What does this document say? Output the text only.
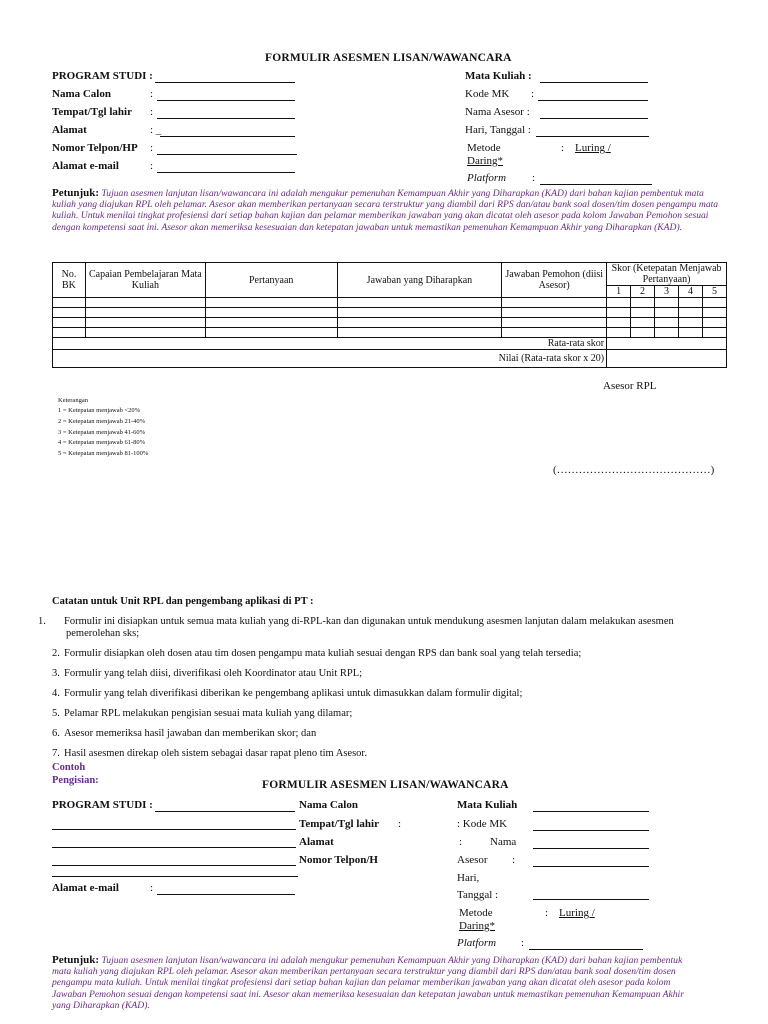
FORMULIR ASESMEN LISAN/WAWANCARA
PROGRAM STUDI :
Nama Calon	:
Tempat/Tgl lahir :
Alamat	: _
Nomor Telpon/HP :
Alamat e-mail	:
Mata Kuliah :
Kode MK :
Nama Asesor :
Hari, Tanggal :
Metode	: Luring /
Daring*
Platform :
Petunjuk: Tujuan asesmen lanjutan lisan/wawancara ini adalah mengukur pemenuhan Kemampuan Akhir yang Diharapkan (KAD) dari bahan kajian pembentuk mata kuliah yang diajukan RPL oleh pelamar. Asesor akan memberikan pertanyaan secara terstruktur yang diambil dari RPS dan/atau bank soal dosen/tim dosen pengampu mata kuliah. Untuk menilai tingkat profesiensi dari setiap bahan kajian dan pelamar memberikan jawaban yang akan dicatat oleh asesor pada kolom Jawaban Pemohon sesuai dengan kompetensi saat ini. Asesor akan memeriksa kesesuaian dan ketepatan jawaban untuk memastikan pemenuhan Kemampuan Akhir yang Diharapkan (KAD).
No. BK	Capaian Pembelajaran Mata Kuliah	Pertanyaan	Jawaban yang Diharapkan	Jawaban Pemohon (diisi Asesor)	Skor (Ketepatan Menjawab Pertanyaan)				
					1	2	3	4	5

Rata-rata skor									
Nilai (Rata-rata skor x 20)									
Asesor RPL
(……………………………………)
Keterangan
1 = Ketepatan menjawab <20%
2 = Ketepatan menjawab 21-40%
3 = Ketepatan menjawab 41-60%
4 = Ketepatan menjawab 61-80%
5 = Ketepatan menjawab 81-100%
Catatan untuk Unit RPL dan pengembang aplikasi di PT :
1. Formulir ini disiapkan untuk semua mata kuliah yang di-RPL-kan dan digunakan untuk mendukung asesmen lanjutan dalam melakukan asesmen pemerolehan sks;
2. Formulir disiapkan oleh dosen atau tim dosen pengampu mata kuliah sesuai dengan RPS dan bank soal yang telah tersedia;
3. Formulir yang telah diisi, diverifikasi oleh Koordinator atau Unit RPL;
4. Formulir yang telah diverifikasi diberikan ke pengembang aplikasi untuk dimasukkan dalam formulir digital;
5. Pelamar RPL melakukan pengisian sesuai mata kuliah yang dilamar;
6. Asesor memeriksa hasil jawaban dan memberikan skor; dan
7. Hasil asesmen direkap oleh sistem sebagai dasar rapat pleno tim Asesor.
Contoh
Pengisian:	FORMULIR ASESMEN LISAN/WAWANCARA
PROGRAM STUDI :	Nama Calon
Tempat/Tgl lahir :
Alamat
Nomor Telpon/H
Alamat e-mail	:
Mata Kuliah
: Kode MK
:	Nama
Asesor :
Hari,
Tanggal :
Metode	: Luring /
Daring*
Platform :
Petunjuk: Tujuan asesmen lanjutan lisan/wawancara ini adalah mengukur pemenuhan Kemampuan Akhir yang Diharapkan (KAD) dari bahan kajian pembentuk mata kuliah yang diajukan RPL oleh pelamar. Asesor akan memberikan pertanyaan secara terstruktur yang diambil dari RPS dan/atau bank soal dosen/tim dosen pengampu mata kuliah. Untuk menilai tingkat profesiensi dari setiap bahan kajian dan pelamar memberikan jawaban yang akan dicatat oleh asesor pada kolom Jawaban Pemohon sesuai dengan kompetensi saat ini. Asesor akan memeriksa kesesuaian dan ketepatan jawaban untuk memastikan pemenuhan Kemampuan Akhir yang Diharapkan (KAD).
